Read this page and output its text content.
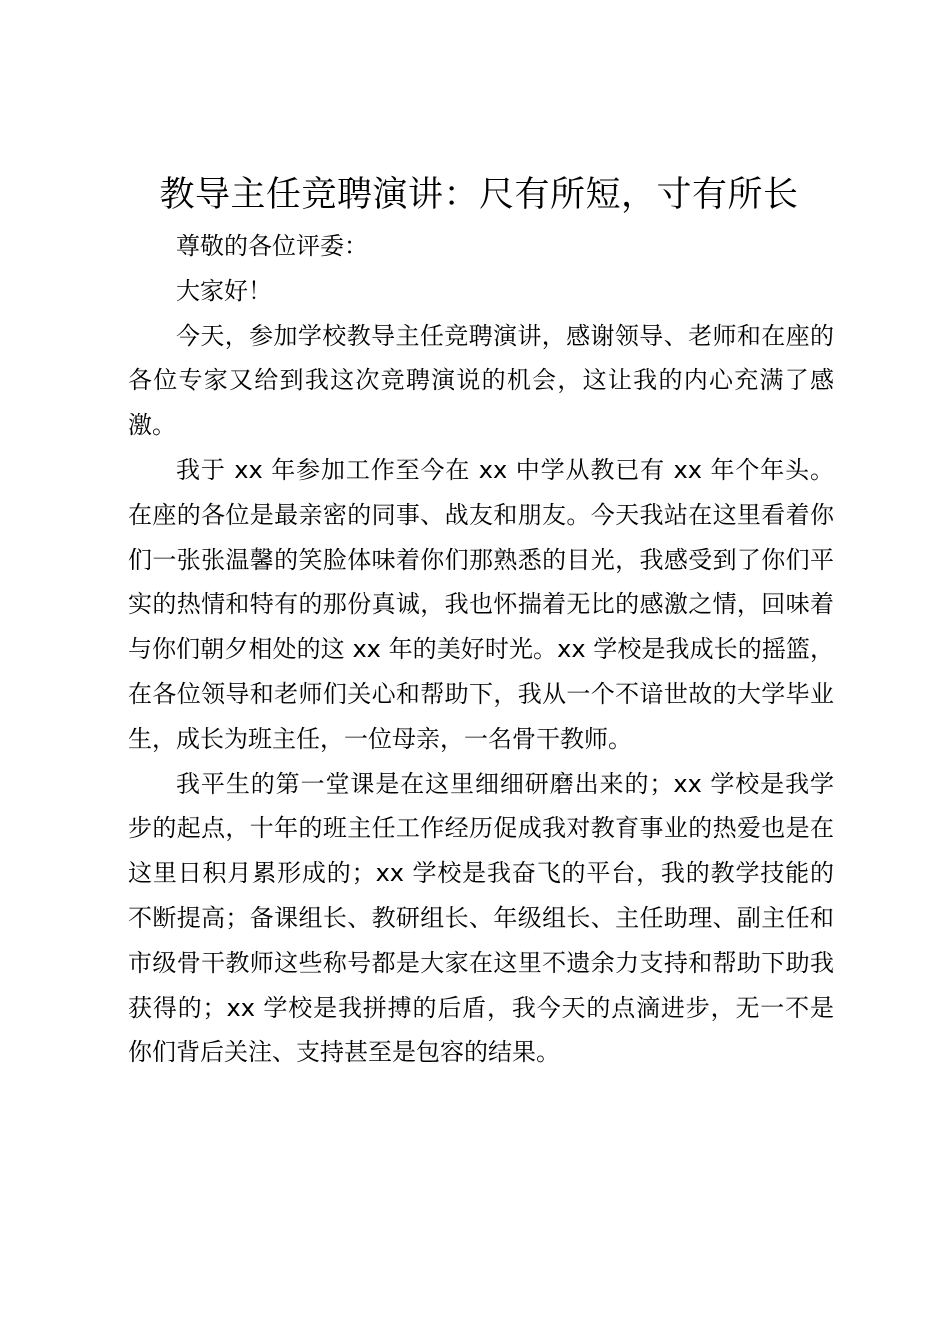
教导主任竞聘演讲：尺有所短，寸有所长

尊敬的各位评委：

大家好！

今天，参加学校教导主任竞聘演讲，感谢领导、老师和在座的各位专家又给到我这次竞聘演说的机会，这让我的内心充满了感激。

我于 xx 年参加工作至今在 xx 中学从教已有 xx 年个年头。在座的各位是最亲密的同事、战友和朋友。今天我站在这里看着你们一张张温馨的笑脸体味着你们那熟悉的目光，我感受到了你们平实的热情和特有的那份真诚，我也怀揣着无比的感激之情，回味着与你们朝夕相处的这 xx 年的美好时光。xx 学校是我成长的摇篮，在各位领导和老师们关心和帮助下，我从一个不谙世故的大学毕业生，成长为班主任，一位母亲，一名骨干教师。

我平生的第一堂课是在这里细细研磨出来的；xx 学校是我学步的起点，十年的班主任工作经历促成我对教育事业的热爱也是在这里日积月累形成的；xx 学校是我奋飞的平台，我的教学技能的不断提高；备课组长、教研组长、年级组长、主任助理、副主任和市级骨干教师这些称号都是大家在这里不遗余力支持和帮助下助我获得的；xx 学校是我拼搏的后盾，我今天的点滴进步，无一不是你们背后关注、支持甚至是包容的结果。
